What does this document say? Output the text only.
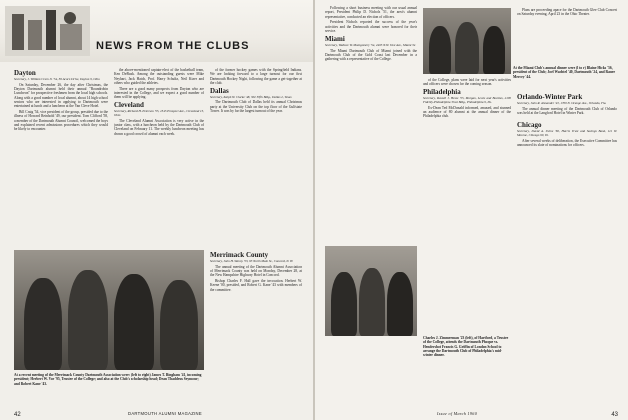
NEWS FROM THE CLUBS
Dayton
Secretary, J. William Crum Jr. '54, 36 Acorn Drive, Dayton 9, Ohio

On Saturday, December 26, the day after Christmas, the Dayton Dartmouth alumni held their annual "Roundrobin Luncheon" for prospective freshmen from the local high schools. Along with a good number of local alumni, about 14 high school seniors who are interested in applying to Dartmouth were entertained at lunch and a luncheon at the Van Cleve Hotel.

Bill Craig '54, vice president of the group, presided due to the illness of Howard Reinhold '49, our president. Tom Clifford '58, a member of the Dartmouth Alumni Council, welcomed the boys and explained recent admissions procedures which they would be likely to encounter.

the above-mentioned captain-elect of the basketball team, Ken DeBusk. Among the outstanding guests were Mike Neyhart, Jack Hatch, Prof. Harry Schultz, Neil Kizer and others who guided the athletes.

There are a good many prospects from Dayton who are interested in the College, and we expect a good number of them will be applying.

Cleveland
Secretary, Richard H. Peterson '55, 1345 Prospect Ave., Cleveland 15, Ohio

The Cleveland Alumni Association is very active in the junior class, with a luncheon held by the Dartmouth Club of Cleveland on February 11. The weekly luncheon meeting has drawn a good crowd of alumni each week.

of the former hockey games with the Springfield Indians. We are looking forward to a large turnout for our first Dartmouth Hockey Night, following the game a get-together at the club.

Dallas
Secretary, Kalph W. Clarke '48, 302 Fifth Bldg., Dallas 2, Texas

The Dartmouth Club of Dallas held its annual Christmas party at the University Club on the top floor of the Gulfstate Tower. It was by far the largest turnout of the year.

Merrimack County
Secretary, John H. Skinny '53, 93 North Main St., Concord, N. H.

The annual meeting of the Dartmouth Alumni Association of Merrimack County was held on Monday, December 28, at the New Hampshire Highway Hotel in Concord.

Bishop Charles F. Hall gave the invocation. Herbert W. Keene '00, presided, and Robert G. Kane '43 with members of the committee.

At a recent meeting of the Merrimack County Dartmouth Association were: (left to right) James T. Bingham '41, incoming president; Herbert W. Vor '95, Trustee of the College; and also at the Club's scholarship head; Dean Thaddeus Seymour; and Robert Kane '43.
42	DARTMOUTH ALUMNI MAGAZINE

Following a short business meeting with our usual annual report, President Philip D. Nichols '51, the area's alumni representative, conducted an election of officers.

President Nichols reported the success of the year's activities and the Dartmouth alumni were honored for their service.

Miami
Secretary, Wallace W. Montgomery '54, 2405 N.W. 61st Ave., Miami 34

The Miami Dartmouth Club of Miami joined with the Dartmouth Club of the Gold Coast last December in a gathering with a representative of the College.

At the Miami Club's annual dinner were (l to r) Blaine Hicks '56, president of the Club; Joel Wachtel '40, Dartmouth '24, and Rauer Mercey '44.

of the College, plans were laid for next year's activities and officers were chosen for the coming season.

Philadelphia
Secretary, Russell J. Hesse '55, Morgan, Lewis and Bockius, 2100 Fidelity-Philadelphia Trust Bldg., Philadelphia 9, Pa.

Ex-Dean Ted McDonald informed, amused, and stunned an audience of 80 alumni at the annual dinner of the Philadelphia club.

Plans are proceeding apace for the Dartmouth Glee Club Concert on Saturday evening, April 23 in the Ohio Theater.

Orlando-Winter Park
Secretary, John R. Alexander '43, 1700 N. Orange Ave., Orlando, Fla.

The annual dinner meeting of the Dartmouth Club of Orlando was held at the Langford Hotel in Winter Park.

Chicago
Secretary, David A. Irvine '60, Harris Trust and Savings Bank, 111 W. Monroe, Chicago 90, Ill.

After several weeks of deliberation, the Executive Committee has announced its slate of nominations for officers.

Charles J. Zimmerman '23 (left), of Hartford, a Trustee of the College, attends the Dartmouth Phoque vs. Hendershot Francis G. Griffin of London School to arrange the Dartmouth Club of Philadelphia's mid-winter dinner.
Issue of March 1960	43
